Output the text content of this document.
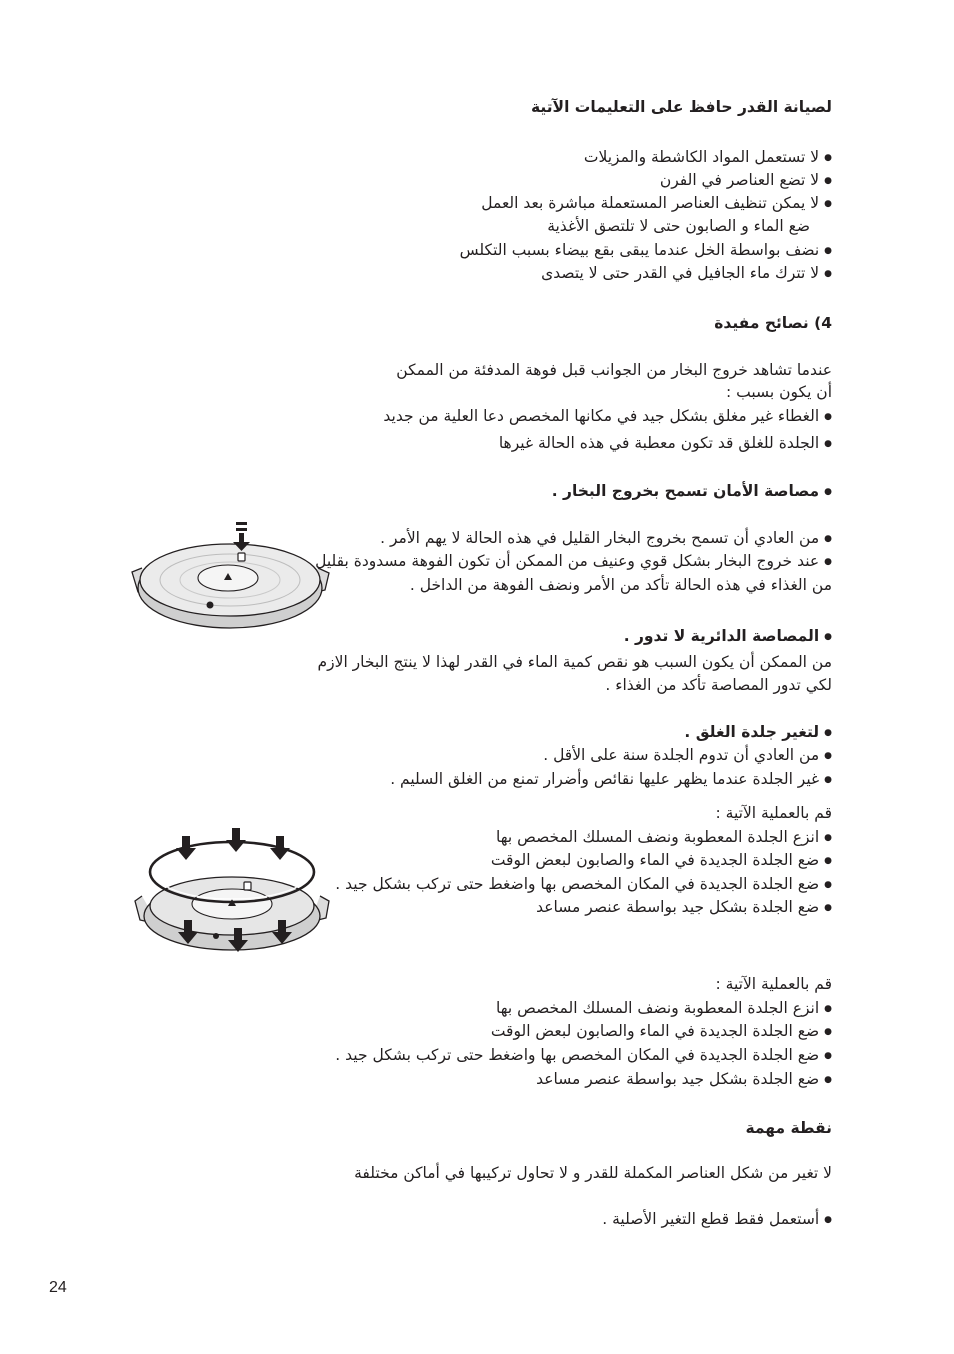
لصيانة القدر حافظ على التعليمات الآتية
● لا تستعمل المواد الكاشطة والمزيلات
● لا تضع العناصر في الفرن
● لا يمكن تنظيف العناصر المستعملة مباشرة بعد العمل
ضع الماء و الصابون حتى لا تلتصق الأغذية
● نضف بواسطة الخل عندما يبقى بقع بيضاء بسبب التكلس
● لا تترك ماء الجافيل في القدر حتى لا يتصدى
4) نصائح مفيدة
عندما تشاهد خروج البخار من الجوانب قبل فوهة المدفئة من الممكن
أن يكون بسبب :
● الغطاء غير مغلق بشكل جيد في مكانها المخصص دعا العلية من جديد
● الجلدة للغلق قد تكون معطبة في هذه الحالة غيرها
● مصاصة الأمان تسمح بخروج البخار .
● من العادي أن تسمح بخروج البخار القليل في هذه الحالة لا يهم الأمر .
● عند خروج البخار بشكل قوي وعنيف من الممكن أن تكون الفوهة مسدودة بقليل
من الغذاء في هذه الحالة تأكد من الأمر ونضف الفوهة من الداخل .
● المصاصة الدائرية لا تدور .
من الممكن أن يكون السبب هو نقص كمية الماء في القدر لهذا لا ينتج البخار الازم
لكي تدور المصاصة تأكد من الغذاء .
● لتغير جلدة الغلق .
● من العادي أن تدوم الجلدة سنة على الأقل .
● غير الجلدة عندما يظهر عليها نقائص وأضرار تمنع من الغلق السليم .
قم بالعملية الآتية :
● انزع الجلدة المعطوبة ونضف المسلك المخصص بها
● ضع الجلدة الجديدة في الماء والصابون لبعض الوقت
● ضع الجلدة الجديدة في المكان المخصص بها واضغط حتى تركب بشكل جيد .
● ضع الجلدة بشكل جيد بواسطة عنصر مساعد
قم بالعملية الآتية :
● انزع الجلدة المعطوبة ونضف المسلك المخصص بها
● ضع الجلدة الجديدة في الماء والصابون لبعض الوقت
● ضع الجلدة الجديدة في المكان المخصص بها واضغط حتى تركب بشكل جيد .
● ضع الجلدة بشكل جيد بواسطة عنصر مساعد
نقطة مهمة
لا تغير من شكل العناصر المكملة للقدر و لا تحاول تركيبها في أماكن مختلفة
● أستعمل فقط قطع التغير الأصلية .
24
